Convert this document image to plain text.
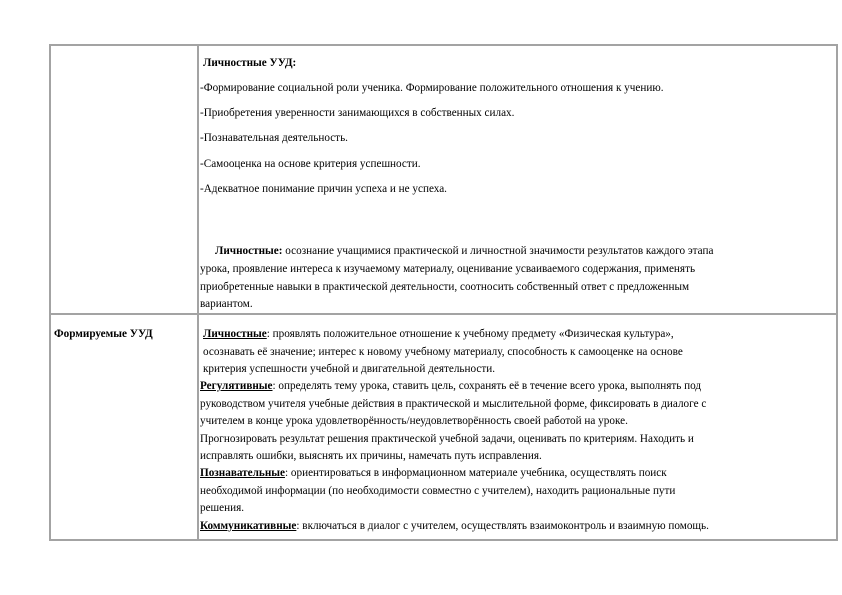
Личностные УУД:
-Формирование социальной роли ученика. Формирование положительного отношения к учению.
-Приобретения уверенности занимающихся в собственных силах.
-Познавательная деятельность.
-Самооценка на основе критерия успешности.
-Адекватное понимание причин успеха и не успеха.
Личностные: осознание учащимися практической и личностной значимости результатов каждого этапа
урока, проявление интереса к изучаемому материалу, оценивание усваиваемого содержания, применять
приобретенные навыки в практической деятельности, соотносить собственный ответ с предложенным
вариантом.
Формируемые УУД	Личностные: проявлять положительное отношение к учебному предмету «Физическая культура»,
осознавать её значение; интерес к новому учебному материалу, способность к самооценке на основе
критерия успешности учебной и двигательной деятельности.
Регулятивные: определять тему урока, ставить цель, сохранять её в течение всего урока, выполнять под
руководством учителя учебные действия в практической и мыслительной форме, фиксировать в диалоге с
учителем в конце урока удовлетворённость/неудовлетворённость своей работой на уроке.
Прогнозировать результат решения практической учебной задачи, оценивать по критериям. Находить и
исправлять ошибки, выяснять их причины, намечать путь исправления.
Познавательные: ориентироваться в информационном материале учебника, осуществлять поиск
необходимой информации (по необходимости совместно с учителем), находить рациональные пути
решения.
Коммуникативные: включаться в диалог с учителем, осуществлять взаимоконтроль и взаимную помощь.
